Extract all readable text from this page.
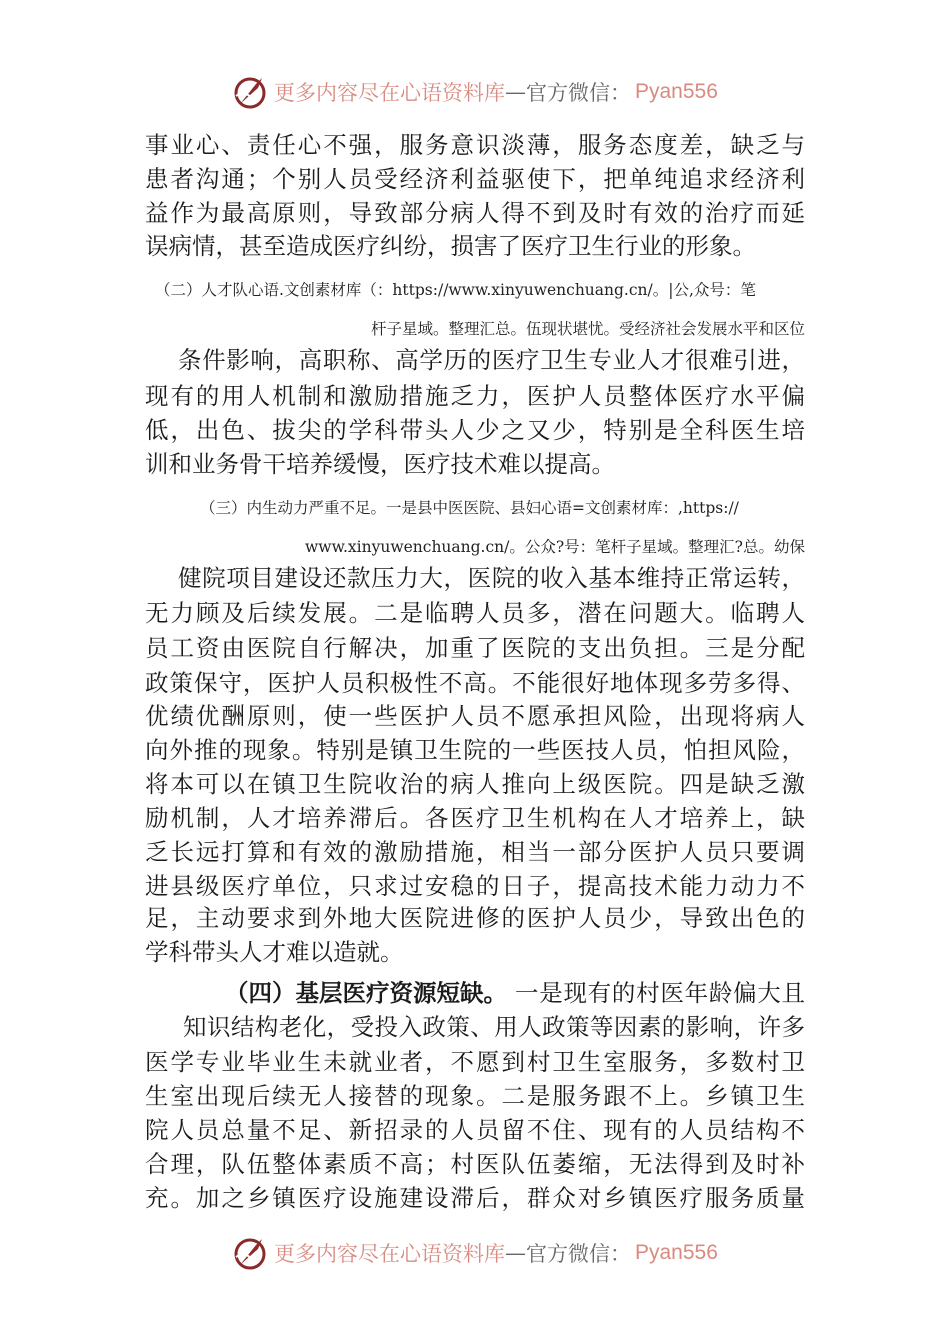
更多内容尽在心语资料库 — 官方微信： Pyan556
事业心、责任心不强，服务意识淡薄，服务态度差，缺乏与
患者沟通；个别人员受经济利益驱使下，把单纯追求经济利
益作为最高原则，导致部分病人得不到及时有效的治疗而延
误病情，甚至造成医疗纠纷，损害了医疗卫生行业的形象。
（二）人才队心语.文创素材库（：https://www.xinyuwenchuang.cn/。|公,众号：笔
杆子星域。整理汇总。伍现状堪忧。受经济社会发展水平和区位
条件影响，高职称、高学历的医疗卫生专业人才很难引进，
现有的用人机制和激励措施乏力，医护人员整体医疗水平偏
低，出色、拔尖的学科带头人少之又少，特别是全科医生培
训和业务骨干培养缓慢，医疗技术难以提高。
（三）内生动力严重不足。一是县中医医院、县妇心语=文创素材库：,https://
www.xinyuwenchuang.cn/。公众?号：笔杆子星域。整理汇?总。幼保
健院项目建设还款压力大，医院的收入基本维持正常运转，
无力顾及后续发展。二是临聘人员多，潜在问题大。临聘人
员工资由医院自行解决，加重了医院的支出负担。三是分配
政策保守，医护人员积极性不高。不能很好地体现多劳多得、
优绩优酬原则，使一些医护人员不愿承担风险，出现将病人
向外推的现象。特别是镇卫生院的一些医技人员，怕担风险，
将本可以在镇卫生院收治的病人推向上级医院。四是缺乏激
励机制，人才培养滞后。各医疗卫生机构在人才培养上，缺
乏长远打算和有效的激励措施，相当一部分医护人员只要调
进县级医疗单位，只求过安稳的日子，提高技术能力动力不
足，主动要求到外地大医院进修的医护人员少，导致出色的
学科带头人才难以造就。
一是现有的村医年龄偏大且
知识结构老化，受投入政策、用人政策等因素的影响，许多
医学专业毕业生未就业者，不愿到村卫生室服务，多数村卫
生室出现后续无人接替的现象。二是服务跟不上。乡镇卫生
院人员总量不足、新招录的人员留不住、现有的人员结构不
合理，队伍整体素质不高；村医队伍萎缩，无法得到及时补
充。加之乡镇医疗设施建设滞后，群众对乡镇医疗服务质量
（四）基层医疗资源短缺。
更多内容尽在心语资料库 — 官方微信： Pyan556
